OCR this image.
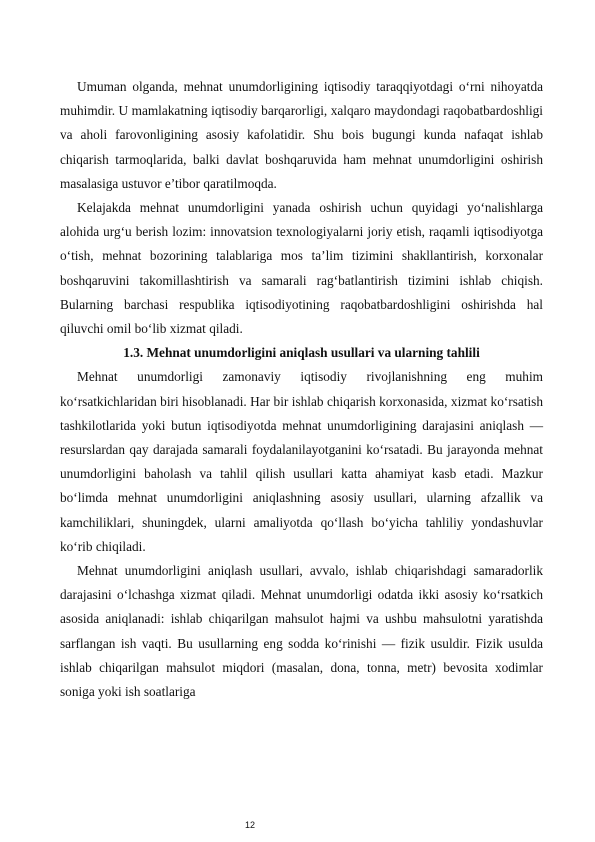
Umuman olganda, mehnat unumdorligining iqtisodiy taraqqiyotdagi o‘rni nihoyatda muhimdir. U mamlakatning iqtisodiy barqarorligi, xalqaro maydondagi raqobatbardoshligi va aholi farovonligining asosiy kafolatidir. Shu bois bugungi kunda nafaqat ishlab chiqarish tarmoqlarida, balki davlat boshqaruvida ham mehnat unumdorligini oshirish masalasiga ustuvor e’tibor qaratilmoqda.

Kelajakda mehnat unumdorligini yanada oshirish uchun quyidagi yo‘nalishlarga alohida urg‘u berish lozim: innovatsion texnologiyalarni joriy etish, raqamli iqtisodiyotga o‘tish, mehnat bozorining talablariga mos ta’lim tizimini shakllantirish, korxonalar boshqaruvini takomillashtirish va samarali rag‘batlantirish tizimini ishlab chiqish. Bularning barchasi respublika iqtisodiyotining raqobatbardoshligini oshirishda hal qiluvchi omil bo‘lib xizmat qiladi.

1.3. Mehnat unumdorligini aniqlash usullari va ularning tahlili

Mehnat unumdorligi zamonaviy iqtisodiy rivojlanishning eng muhim ko‘rsatkichlaridan biri hisoblanadi. Har bir ishlab chiqarish korxonasida, xizmat ko‘rsatish tashkilotlarida yoki butun iqtisodiyotda mehnat unumdorligining darajasini aniqlash — resurslardan qay darajada samarali foydalanilayotganini ko‘rsatadi. Bu jarayonda mehnat unumdorligini baholash va tahlil qilish usullari katta ahamiyat kasb etadi. Mazkur bo‘limda mehnat unumdorligini aniqlashning asosiy usullari, ularning afzallik va kamchiliklari, shuningdek, ularni amaliyotda qo‘llash bo‘yicha tahliliy yondashuvlar ko‘rib chiqiladi.

Mehnat unumdorligini aniqlash usullari, avvalo, ishlab chiqarishdagi samaradorlik darajasini o‘lchashga xizmat qiladi. Mehnat unumdorligi odatda ikki asosiy ko‘rsatkich asosida aniqlanadi: ishlab chiqarilgan mahsulot hajmi va ushbu mahsulotni yaratishda sarflangan ish vaqti. Bu usullarning eng sodda ko‘rinishi — fizik usuldir. Fizik usulda ishlab chiqarilgan mahsulot miqdori (masalan, dona, tonna, metr) bevosita xodimlar soniga yoki ish soatlariga

12
